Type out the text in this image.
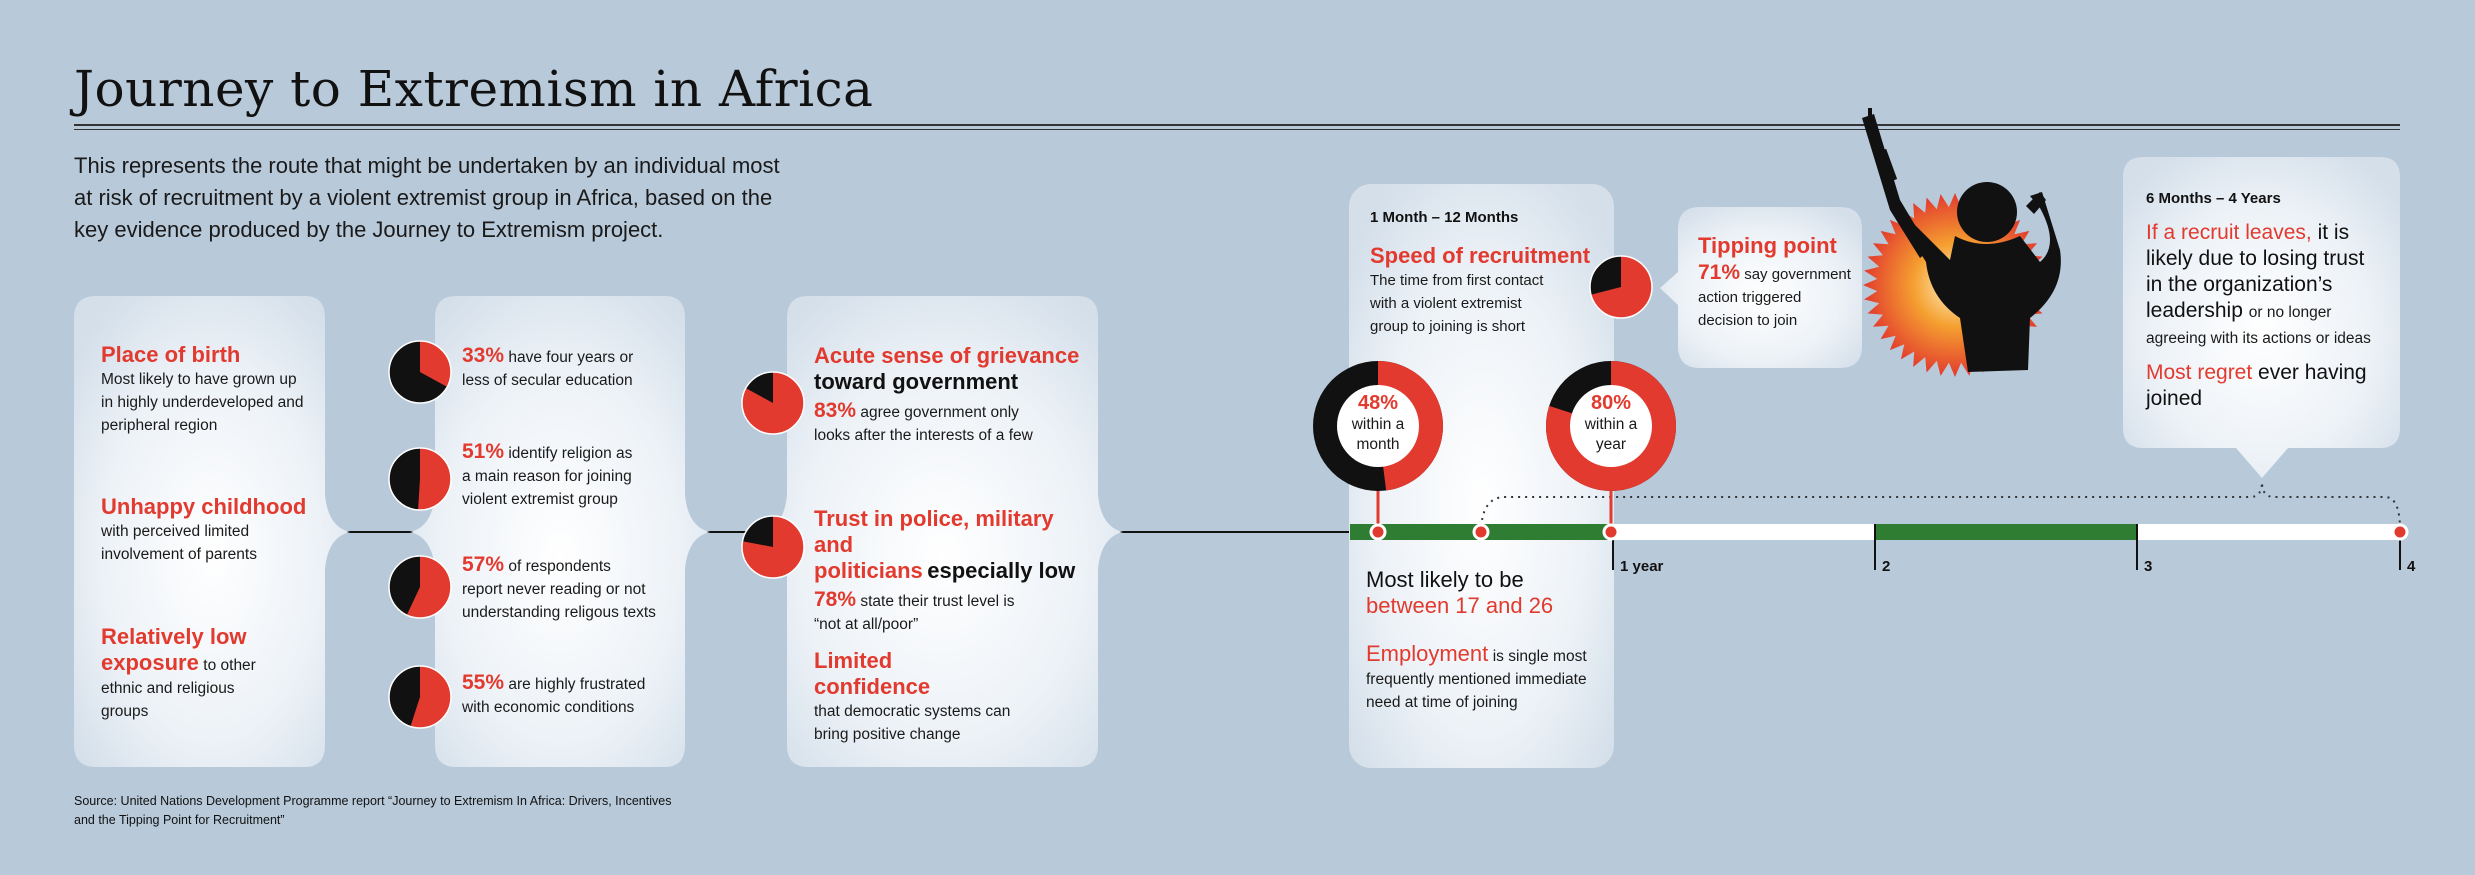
Journey to Extremism in Africa
This represents the route that might be undertaken by an individual most at risk of recruitment by a violent extremist group in Africa, based on the key evidence produced by the Journey to Extremism project.
Place of birth
Most likely to have grown up in highly underdeveloped and peripheral region
Unhappy childhood
with perceived limited involvement of parents
Relatively low
exposure to other
ethnic and religious groups
33% have four years or
less of secular education
51% identify religion as
a main reason for joining violent extremist group
57% of respondents
report never reading or not understanding religous texts
55% are highly frustrated
with economic conditions
Acute sense of grievance
toward government
83% agree government only
looks after the interests of a few
Trust in police, military and
politicians especially low
78% state their trust level is
“not at all/poor”
Limited confidence
that democratic systems can bring positive change
1 Month – 12 Months
Speed of recruitment
The time from first contact with a violent extremist group to joining is short
Most likely to be
between 17 and 26
Employment is single most
frequently mentioned immediate need at time of joining
Tipping point
71% say government
action triggered decision to join
48%
within a
month
80%
within a
year
6 Months – 4 Years
If a recruit leaves, it is likely due to losing trust in the organization’s leadership or no longer agreeing with its actions or ideas
Most regret ever having joined
1 year	2	3	4
Source: United Nations Development Programme report “Journey to Extremism In Africa: Drivers, Incentives and the Tipping Point for Recruitment”
